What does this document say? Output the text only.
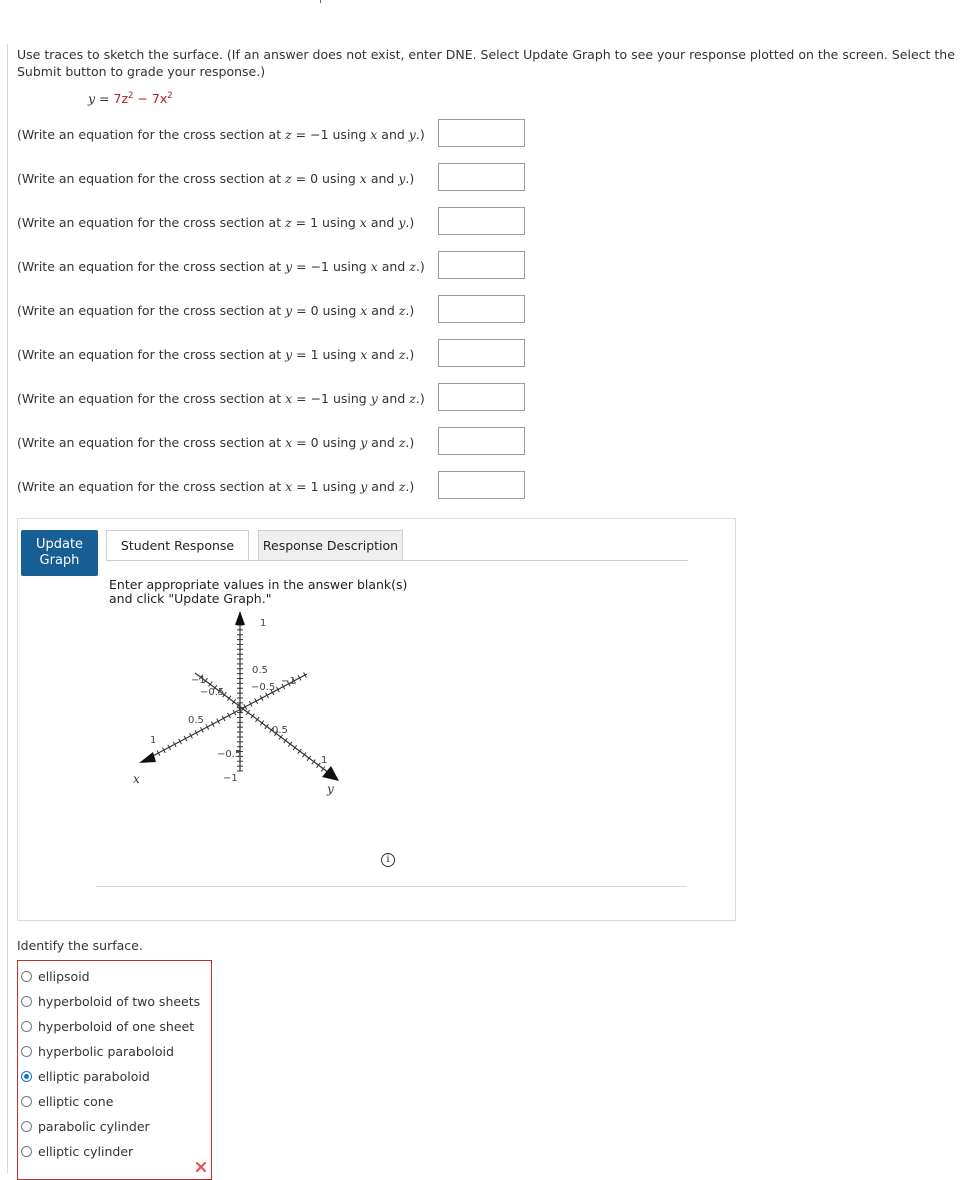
Use traces to sketch the surface. (If an answer does not exist, enter DNE. Select Update Graph to see your response plotted on the screen. Select the Submit button to grade your response.)
$y = 7z^2 - 7x^2$
(Write an equation for the cross section at z = −1 using x and y.)
(Write an equation for the cross section at z = 0 using x and y.)
(Write an equation for the cross section at z = 1 using x and y.)
(Write an equation for the cross section at y = −1 using x and z.)
(Write an equation for the cross section at y = 0 using x and z.)
(Write an equation for the cross section at y = 1 using x and z.)
(Write an equation for the cross section at x = −1 using y and z.)
(Write an equation for the cross section at x = 0 using y and z.)
(Write an equation for the cross section at x = 1 using y and z.)
Update
Graph
Student Response	Response Description
Enter appropriate values in the answer blank(s) and click "Update Graph."
1
0.5
−0.5
−1
1
0.5
−0.5
−1
−1
−0.5
0.5
1
x
y
i
Identify the surface.
ellipsoid
hyperboloid of two sheets
hyperboloid of one sheet
hyperbolic paraboloid
elliptic paraboloid
elliptic cone
parabolic cylinder
elliptic cylinder
